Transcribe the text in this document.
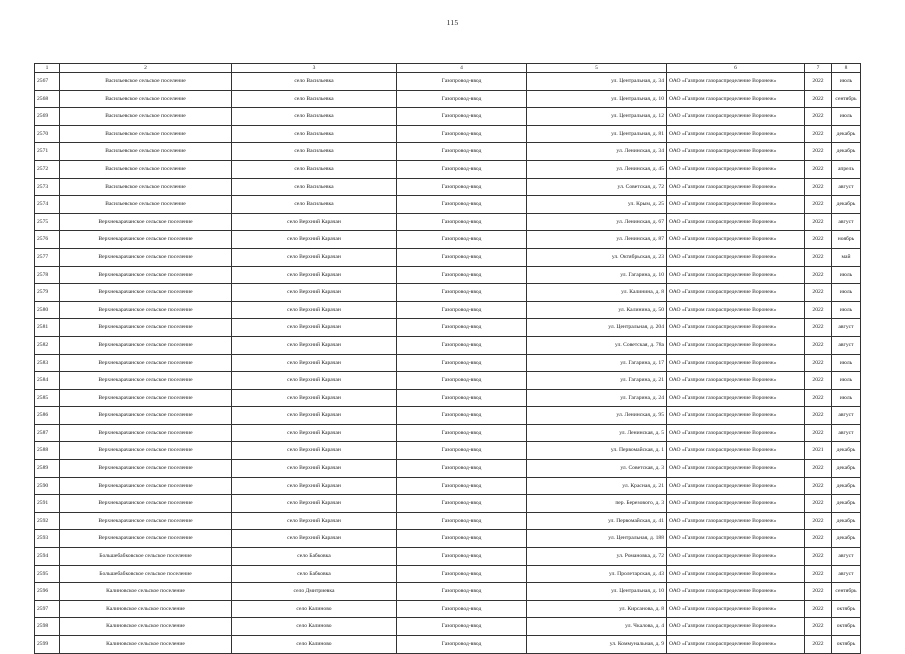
115
1	2	3	4	5	6	7	8
2567	Васильевское сельское поселение	село Васильевка	Газопровод-ввод	ул. Центральная, д. 34	ОАО «Газпром газораспределение Воронеж»	2022	июль
2568	Васильевское сельское поселение	село Васильевка	Газопровод-ввод	ул. Центральная, д. 10	ОАО «Газпром газораспределение Воронеж»	2022	сентябрь
2569	Васильевское сельское поселение	село Васильевка	Газопровод-ввод	ул. Центральная, д. 12	ОАО «Газпром газораспределение Воронеж»	2022	июль
2570	Васильевское сельское поселение	село Васильевка	Газопровод-ввод	ул. Центральная, д. 81	ОАО «Газпром газораспределение Воронеж»	2022	декабрь
2571	Васильевское сельское поселение	село Васильевка	Газопровод-ввод	ул. Ленинская, д. 34	ОАО «Газпром газораспределение Воронеж»	2022	декабрь
2572	Васильевское сельское поселение	село Васильевка	Газопровод-ввод	ул. Ленинская, д. 45	ОАО «Газпром газораспределение Воронеж»	2022	апрель
2573	Васильевское сельское поселение	село Васильевка	Газопровод-ввод	ул. Советская, д. 72	ОАО «Газпром газораспределение Воронеж»	2022	август
2574	Васильевское сельское поселение	село Васильевка	Газопровод-ввод	ул. Крым, д. 25	ОАО «Газпром газораспределение Воронеж»	2022	декабрь
2575	Верхнекарачанское сельское поселение	село Верхний Карачан	Газопровод-ввод	ул. Ленинская, д. 67	ОАО «Газпром газораспределение Воронеж»	2022	август
2576	Верхнекарачанское сельское поселение	село Верхний Карачан	Газопровод-ввод	ул. Ленинская, д. 87	ОАО «Газпром газораспределение Воронеж»	2022	ноябрь
2577	Верхнекарачанское сельское поселение	село Верхний Карачан	Газопровод-ввод	ул. Октябрьская, д. 23	ОАО «Газпром газораспределение Воронеж»	2022	май
2578	Верхнекарачанское сельское поселение	село Верхний Карачан	Газопровод-ввод	ул. Гагарина, д. 10	ОАО «Газпром газораспределение Воронеж»	2022	июль
2579	Верхнекарачанское сельское поселение	село Верхний Карачан	Газопровод-ввод	ул. Калинина, д. 8	ОАО «Газпром газораспределение Воронеж»	2022	июль
2580	Верхнекарачанское сельское поселение	село Верхний Карачан	Газопровод-ввод	ул. Калинина, д. 50	ОАО «Газпром газораспределение Воронеж»	2022	июль
2581	Верхнекарачанское сельское поселение	село Верхний Карачан	Газопровод-ввод	ул. Центральная, д. 204	ОАО «Газпром газораспределение Воронеж»	2022	август
2582	Верхнекарачанское сельское поселение	село Верхний Карачан	Газопровод-ввод	ул. Советская, д. 78а	ОАО «Газпром газораспределение Воронеж»	2022	август
2583	Верхнекарачанское сельское поселение	село Верхний Карачан	Газопровод-ввод	ул. Гагарина, д. 17	ОАО «Газпром газораспределение Воронеж»	2022	июль
2584	Верхнекарачанское сельское поселение	село Верхний Карачан	Газопровод-ввод	ул. Гагарина, д. 21	ОАО «Газпром газораспределение Воронеж»	2022	июль
2585	Верхнекарачанское сельское поселение	село Верхний Карачан	Газопровод-ввод	ул. Гагарина, д. 24	ОАО «Газпром газораспределение Воронеж»	2022	июль
2586	Верхнекарачанское сельское поселение	село Верхний Карачан	Газопровод-ввод	ул. Ленинская, д. 95	ОАО «Газпром газораспределение Воронеж»	2022	август
2587	Верхнекарачанское сельское поселение	село Верхний Карачан	Газопровод-ввод	ул. Ленинская, д. 5	ОАО «Газпром газораспределение Воронеж»	2022	август
2588	Верхнекарачанское сельское поселение	село Верхний Карачан	Газопровод-ввод	ул. Первомайская, д. 1	ОАО «Газпром газораспределение Воронеж»	2021	декабрь
2589	Верхнекарачанское сельское поселение	село Верхний Карачан	Газопровод-ввод	ул. Советская, д. 3	ОАО «Газпром газораспределение Воронеж»	2022	декабрь
2590	Верхнекарачанское сельское поселение	село Верхний Карачан	Газопровод-ввод	ул. Красная, д. 21	ОАО «Газпром газораспределение Воронеж»	2022	декабрь
2591	Верхнекарачанское сельское поселение	село Верхний Карачан	Газопровод-ввод	пер. Березового, д. 3	ОАО «Газпром газораспределение Воронеж»	2022	декабрь
2592	Верхнекарачанское сельское поселение	село Верхний Карачан	Газопровод-ввод	ул. Первомайская, д. 41	ОАО «Газпром газораспределение Воронеж»	2022	декабрь
2593	Верхнекарачанское сельское поселение	село Верхний Карачан	Газопровод-ввод	ул. Центральная, д. 188	ОАО «Газпром газораспределение Воронеж»	2022	декабрь
2594	Большебабковское сельское поселение	село Бабковка	Газопровод-ввод	ул. Романовка, д. 72	ОАО «Газпром газораспределение Воронеж»	2022	август
2595	Большебабковское сельское поселение	село Бабковка	Газопровод-ввод	ул. Пролетарская, д. 43	ОАО «Газпром газораспределение Воронеж»	2022	август
2596	Калиновское сельское поселение	село Дмитриевка	Газопровод-ввод	ул. Центральная, д. 10	ОАО «Газпром газораспределение Воронеж»	2022	сентябрь
2597	Калиновское сельское поселение	село Калиново	Газопровод-ввод	ул. Кирсанова, д. 8	ОАО «Газпром газораспределение Воронеж»	2022	октябрь
2598	Калиновское сельское поселение	село Калиново	Газопровод-ввод	ул. Чкалова, д. 4	ОАО «Газпром газораспределение Воронеж»	2022	октябрь
2599	Калиновское сельское поселение	село Калиново	Газопровод-ввод	ул. Коммунальная, д. 9	ОАО «Газпром газораспределение Воронеж»	2022	октябрь
